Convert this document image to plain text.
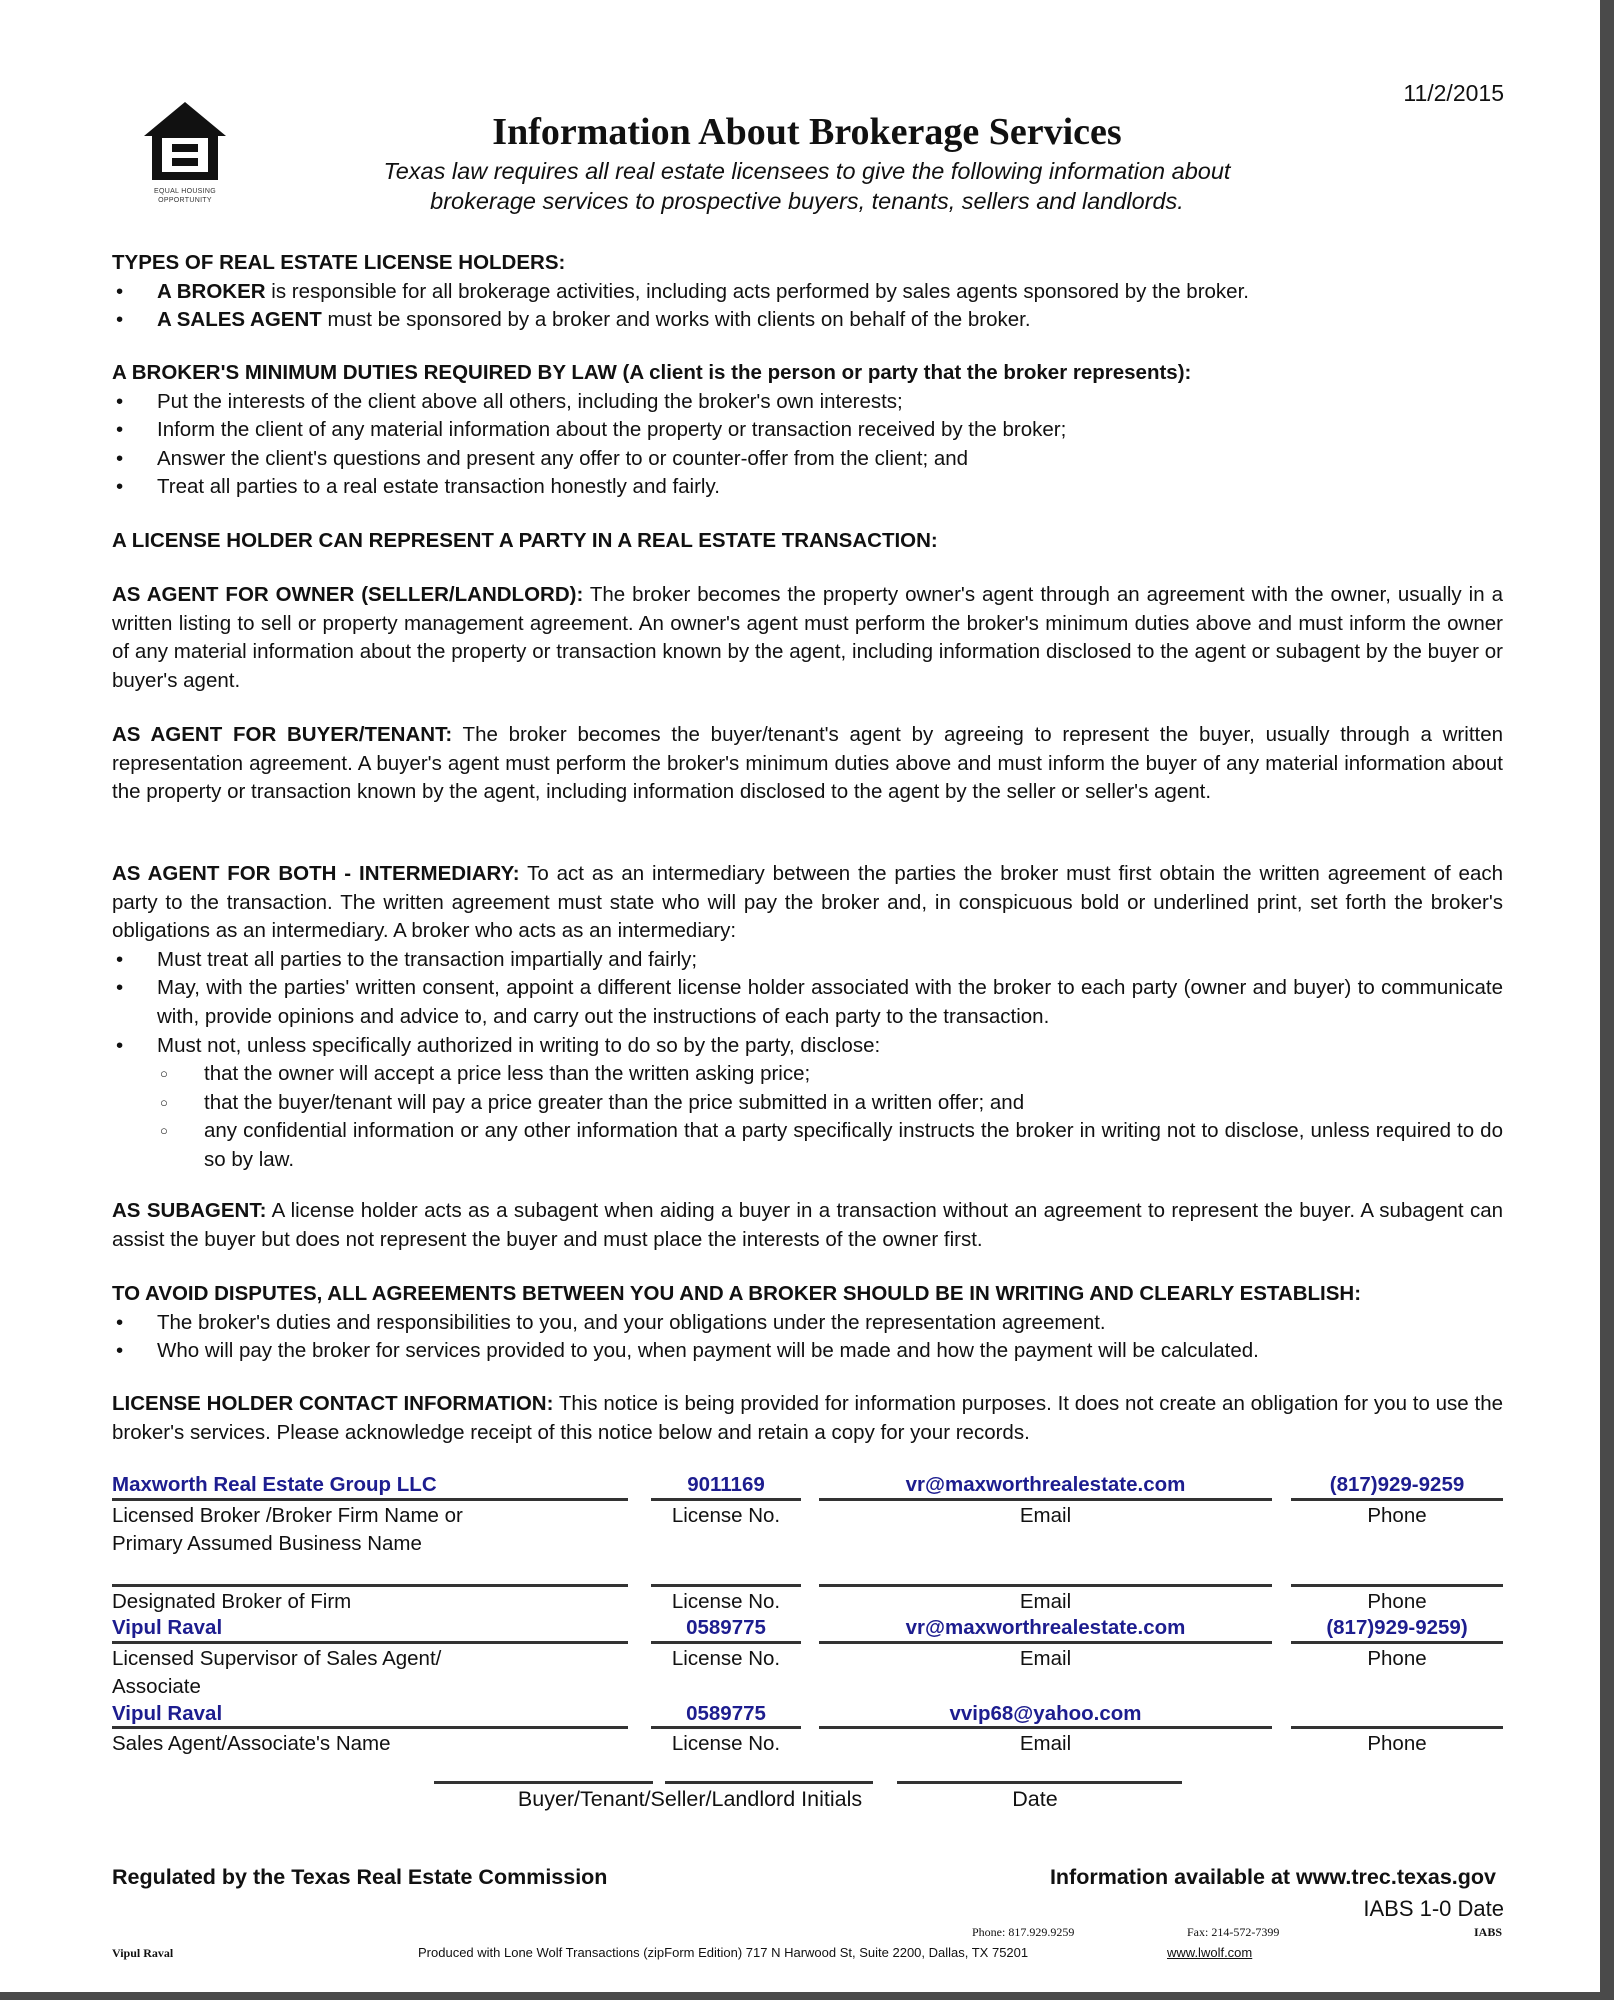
11/2/2015
EQUAL HOUSING OPPORTUNITY
Information About Brokerage Services
Texas law requires all real estate licensees to give the following information about
brokerage services to prospective buyers, tenants, sellers and landlords.
TYPES OF REAL ESTATE LICENSE HOLDERS:
• A BROKER is responsible for all brokerage activities, including acts performed by sales agents sponsored by the broker.
• A SALES AGENT must be sponsored by a broker and works with clients on behalf of the broker.
A BROKER'S MINIMUM DUTIES REQUIRED BY LAW (A client is the person or party that the broker represents):
• Put the interests of the client above all others, including the broker's own interests;
• Inform the client of any material information about the property or transaction received by the broker;
• Answer the client's questions and present any offer to or counter-offer from the client; and
• Treat all parties to a real estate transaction honestly and fairly.
A LICENSE HOLDER CAN REPRESENT A PARTY IN A REAL ESTATE TRANSACTION:
AS AGENT FOR OWNER (SELLER/LANDLORD): The broker becomes the property owner's agent through an agreement with the owner, usually in a written listing to sell or property management agreement. An owner's agent must perform the broker's minimum duties above and must inform the owner of any material information about the property or transaction known by the agent, including information disclosed to the agent or subagent by the buyer or buyer's agent.
AS AGENT FOR BUYER/TENANT: The broker becomes the buyer/tenant's agent by agreeing to represent the buyer, usually through a written representation agreement. A buyer's agent must perform the broker's minimum duties above and must inform the buyer of any material information about the property or transaction known by the agent, including information disclosed to the agent by the seller or seller's agent.
AS AGENT FOR BOTH - INTERMEDIARY: To act as an intermediary between the parties the broker must first obtain the written agreement of each party to the transaction. The written agreement must state who will pay the broker and, in conspicuous bold or underlined print, set forth the broker's obligations as an intermediary. A broker who acts as an intermediary:
• Must treat all parties to the transaction impartially and fairly;
• May, with the parties' written consent, appoint a different license holder associated with the broker to each party (owner and buyer) to communicate with, provide opinions and advice to, and carry out the instructions of each party to the transaction.
• Must not, unless specifically authorized in writing to do so by the party, disclose:
○ that the owner will accept a price less than the written asking price;
○ that the buyer/tenant will pay a price greater than the price submitted in a written offer; and
○ any confidential information or any other information that a party specifically instructs the broker in writing not to disclose, unless required to do so by law.
AS SUBAGENT: A license holder acts as a subagent when aiding a buyer in a transaction without an agreement to represent the buyer. A subagent can assist the buyer but does not represent the buyer and must place the interests of the owner first.
TO AVOID DISPUTES, ALL AGREEMENTS BETWEEN YOU AND A BROKER SHOULD BE IN WRITING AND CLEARLY ESTABLISH:
• The broker's duties and responsibilities to you, and your obligations under the representation agreement.
• Who will pay the broker for services provided to you, when payment will be made and how the payment will be calculated.
LICENSE HOLDER CONTACT INFORMATION: This notice is being provided for information purposes. It does not create an obligation for you to use the broker's services. Please acknowledge receipt of this notice below and retain a copy for your records.
Maxworth Real Estate Group LLC	9011169	vr@maxworthrealestate.com	(817)929-9259
Licensed Broker /Broker Firm Name or Primary Assumed Business Name
License No.	Email	Phone
Designated Broker of Firm	License No.	Email	Phone
Vipul Raval	0589775	vr@maxworthrealestate.com	(817)929-9259)
Licensed Supervisor of Sales Agent/ Associate
License No.	Email	Phone
Vipul Raval	0589775	vvip68@yahoo.com
Sales Agent/Associate's Name	License No.	Email	Phone
Buyer/Tenant/Seller/Landlord Initials	Date
Regulated by the Texas Real Estate Commission	Information available at www.trec.texas.gov
IABS 1-0 Date
Phone: 817.929.9259	Fax: 214-572-7399	IABS
Vipul Raval	Produced with Lone Wolf Transactions (zipForm Edition) 717 N Harwood St, Suite 2200, Dallas, TX 75201	www.lwolf.com
